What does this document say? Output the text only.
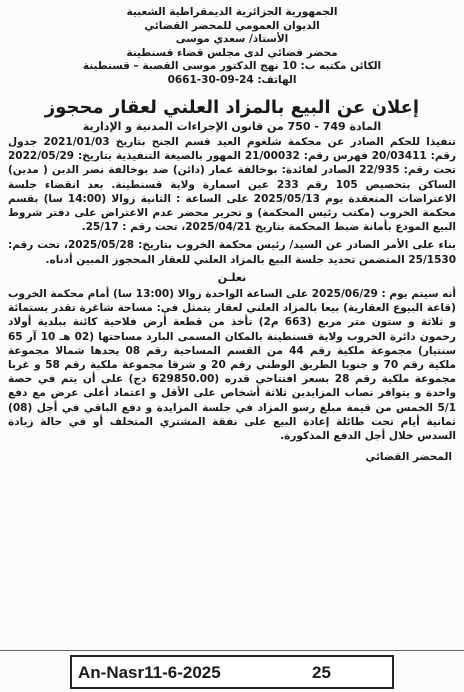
الجمهورية الجزائرية الديمقراطية الشعبية
الديوان العمومي للمحضر القضائي
الأستاذ/ سعدي موسى
محضر قضائي لدى مجلس قضاء قسنطينة
الكائن مكتبه ب: 10 نهج الدكتور موسى القصبة – قسنطينة
الهاتف: 0661-30-09-24
إعلان عن البيع بالمزاد العلني لعقار محجوز
المادة 749 - 750 من قانون الإجراءات المدنية و الإدارية

تنفيذا للحكم الصادر عن محكمة شلغوم العيد قسم الجنح بتاريخ 2021/01/03 جدول رقم: 20/03411 فهرس رقم: 21/00032 المهور بالصيغة التنفيذية بتاريخ: 2022/05/29 تحت رقم: 22/935 الصادر لفائدة: بوخالفة عمار (دائن) ضد بوخالفة نصر الدين ( مدين) الساكن بتحصيص 105 رقم 233 عين اسمارة ولاية قسنطينة. بعد انقضاء جلسة الاعتراضات المنعقدة يوم 2025/05/13 على الساعة : الثانية زوالا (14:00 سا) بقسم محكمة الخروب (مكتب رئيس المحكمة) و تحرير محضر عدم الاعتراض على دفتر شروط البيع المودع بأمانة ضبط المحكمة بتاريخ 2025/04/21، تحت رقم : 25/17.

بناء على الأمر الصادر عن السيد/ رئيس محكمة الخروب بتاريخ: 2025/05/28، تحت رقم: 25/1530 المتضمن تحديد جلسة البيع بالمزاد العلني للعقار المحجوز المبين أدناه.

نعلـن

أنه سيتم يوم : 2025/06/29 على الساعة الواحدة زوالا (13:00 سا) أمام محكمة الخروب (قاعة البيوع العقارية) بيعا بالمزاد العلني لعقار يتمثل في: مساحة شاغرة تقدر بستمائة و ثلاثة و ستون متر مربع (663 م2) تأخذ من قطعة أرض فلاحية كائنة ببلدية أولاد رحمون دائرة الخروب ولاية قسنطينة بالمكان المسمى البارد مساحتها (02 هـ 10 آر 65 سنتيار) مجموعة ملكية رقم 44 من القسم المساحية رقم 08 يحدها شمالا مجموعة ملكية رقم 70 و جنوبا الطريق الوطني رقم 20 و شرقا مجموعة ملكية رقم 58 و غربا مجموعة ملكية رقم 28 بسعر افتتاحي قدره (629850.00 دج) على أن يتم في حصة واحدة و يتوافر نصاب المزايدين ثلاثة أشخاص على الأقل و اعتماد أعلى عرض مع دفع 5/1 الخمس من قيمة مبلغ رسو المزاد في جلسة المزايدة و دفع الباقي في أجل (08) ثمانية أيام تحت طائلة إعادة البيع على نفقة المشتري المتخلف أو في حالة زيادة السدس خلال أجل الدفع المذكورة.

المحضر القضائي
An-Nasr11-6-2025	25
